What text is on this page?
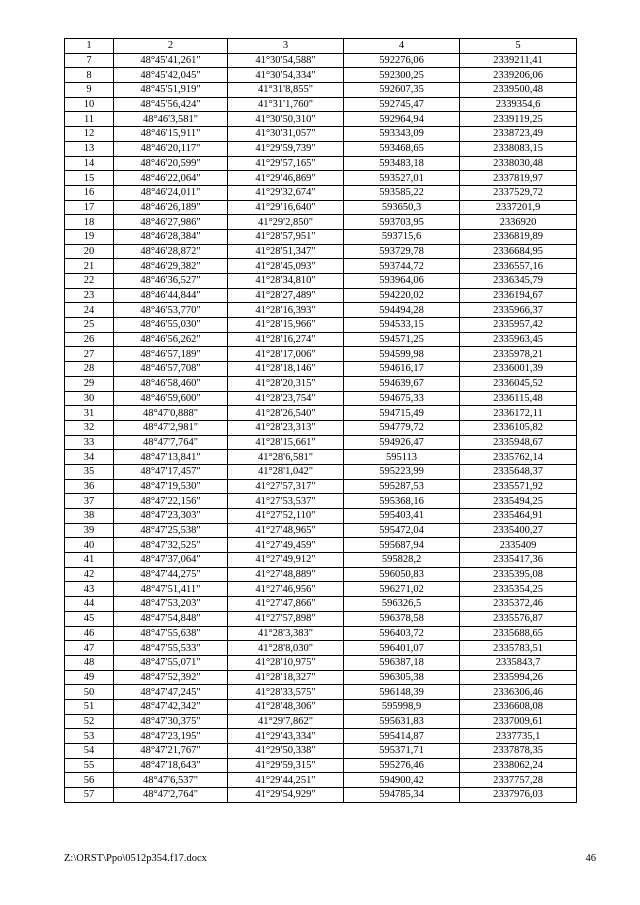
1	2	3	4	5
7	48°45'41,261"	41°30'54,588"	592276,06	2339211,41
8	48°45'42,045"	41°30'54,334"	592300,25	2339206,06
9	48°45'51,919"	41°31'8,855"	592607,35	2339500,48
10	48°45'56,424"	41°31'1,760"	592745,47	2339354,6
11	48°46'3,581"	41°30'50,310"	592964,94	2339119,25
12	48°46'15,911"	41°30'31,057"	593343,09	2338723,49
13	48°46'20,117"	41°29'59,739"	593468,65	2338083,15
14	48°46'20,599"	41°29'57,165"	593483,18	2338030,48
15	48°46'22,064"	41°29'46,869"	593527,01	2337819,97
16	48°46'24,011"	41°29'32,674"	593585,22	2337529,72
17	48°46'26,189"	41°29'16,640"	593650,3	2337201,9
18	48°46'27,986"	41°29'2,850"	593703,95	2336920
19	48°46'28,384"	41°28'57,951"	593715,6	2336819,89
20	48°46'28,872"	41°28'51,347"	593729,78	2336684,95
21	48°46'29,382"	41°28'45,093"	593744,72	2336557,16
22	48°46'36,527"	41°28'34,810"	593964,06	2336345,79
23	48°46'44,844"	41°28'27,489"	594220,02	2336194,67
24	48°46'53,770"	41°28'16,393"	594494,28	2335966,37
25	48°46'55,030"	41°28'15,966"	594533,15	2335957,42
26	48°46'56,262"	41°28'16,274"	594571,25	2335963,45
27	48°46'57,189"	41°28'17,006"	594599,98	2335978,21
28	48°46'57,708"	41°28'18,146"	594616,17	2336001,39
29	48°46'58,460"	41°28'20,315"	594639,67	2336045,52
30	48°46'59,600"	41°28'23,754"	594675,33	2336115,48
31	48°47'0,888"	41°28'26,540"	594715,49	2336172,11
32	48°47'2,981"	41°28'23,313"	594779,72	2336105,82
33	48°47'7,764"	41°28'15,661"	594926,47	2335948,67
34	48°47'13,841"	41°28'6,581"	595113	2335762,14
35	48°47'17,457"	41°28'1,042"	595223,99	2335648,37
36	48°47'19,530"	41°27'57,317"	595287,53	2335571,92
37	48°47'22,156"	41°27'53,537"	595368,16	2335494,25
38	48°47'23,303"	41°27'52,110"	595403,41	2335464,91
39	48°47'25,538"	41°27'48,965"	595472,04	2335400,27
40	48°47'32,525"	41°27'49,459"	595687,94	2335409
41	48°47'37,064"	41°27'49,912"	595828,2	2335417,36
42	48°47'44,275"	41°27'48,889"	596050,83	2335395,08
43	48°47'51,411"	41°27'46,956"	596271,02	2335354,25
44	48°47'53,203"	41°27'47,866"	596326,5	2335372,46
45	48°47'54,848"	41°27'57,898"	596378,58	2335576,87
46	48°47'55,638"	41°28'3,383"	596403,72	2335688,65
47	48°47'55,533"	41°28'8,030"	596401,07	2335783,51
48	48°47'55,071"	41°28'10,975"	596387,18	2335843,7
49	48°47'52,392"	41°28'18,327"	596305,38	2335994,26
50	48°47'47,245"	41°28'33,575"	596148,39	2336306,46
51	48°47'42,342"	41°28'48,306"	595998,9	2336608,08
52	48°47'30,375"	41°29'7,862"	595631,83	2337009,61
53	48°47'23,195"	41°29'43,334"	595414,87	2337735,1
54	48°47'21,767"	41°29'50,338"	595371,71	2337878,35
55	48°47'18,643"	41°29'59,315"	595276,46	2338062,24
56	48°47'6,537"	41°29'44,251"	594900,42	2337757,28
57	48°47'2,764"	41°29'54,929"	594785,34	2337976,03
Z:\ORST\Ppo\0512p354.f17.docx	46
